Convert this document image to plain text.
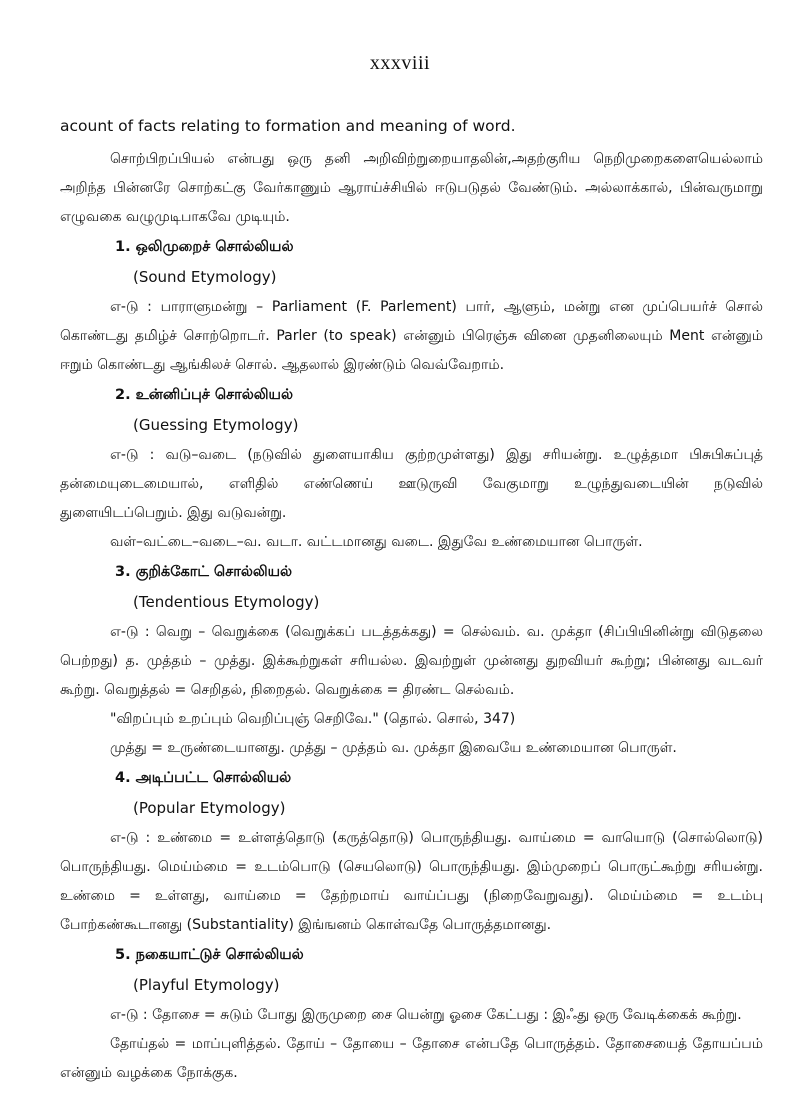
xxxviii

acount of facts relating to formation and meaning of word.

சொற்பிறப்பியல் என்பது ஒரு தனி அறிவிற்றுறையாதலின்,அதற்குரிய நெறிமுறைகளையெல்லாம் அறிந்த பின்னரே சொற்கட்கு வேர்காணும் ஆராய்ச்சியில் ஈடுபடுதல் வேண்டும். அல்லாக்கால், பின்வருமாறு எழுவகை வழுமுடிபாகவே முடியும்.

1. ஒலிமுறைச் சொல்லியல்

(Sound Etymology)

எ-டு : பாராளுமன்று – Parliament (F. Parlement) பார், ஆளும், மன்று என முப்பெயர்ச் சொல் கொண்டது தமிழ்ச் சொற்றொடர். Parler (to speak) என்னும் பிரெஞ்சு வினை முதனிலையும் Ment என்னும் ஈறும் கொண்டது ஆங்கிலச் சொல். ஆதலால் இரண்டும் வெவ்வேறாம்.

2. உன்னிப்புச் சொல்லியல்

(Guessing Etymology)

எ-டு : வடு–வடை (நடுவில் துளையாகிய குற்றமுள்ளது) இது சரியன்று. உழுத்தமா பிசுபிசுப்புத் தன்மையுடைமையால், எளிதில் எண்ணெய் ஊடுருவி வேகுமாறு உழுந்துவடையின் நடுவில் துளையிடப்பெறும். இது வடுவன்று.

வள்–வட்டை–வடை–வ. வடா. வட்டமானது வடை. இதுவே உண்மையான பொருள்.

3. குறிக்கோட் சொல்லியல்

(Tendentious Etymology)

எ-டு : வெறு – வெறுக்கை (வெறுக்கப் படத்தக்கது) = செல்வம். வ. முக்தா (சிப்பியினின்று விடுதலை பெற்றது) த. முத்தம் – முத்து. இக்கூற்றுகள் சரியல்ல. இவற்றுள் முன்னது துறவியர் கூற்று; பின்னது வடவர் கூற்று. வெறுத்தல் = செறிதல், நிறைதல். வெறுக்கை = திரண்ட செல்வம்.

"விறப்பும் உறப்பும் வெறிப்புஞ் செறிவே." (தொல். சொல், 347)

முத்து = உருண்டையானது. முத்து – முத்தம் வ. முக்தா இவையே உண்மையான பொருள்.

4. அடிப்பட்ட சொல்லியல்

(Popular Etymology)

எ-டு : உண்மை = உள்ளத்தொடு (கருத்தொடு) பொருந்தியது. வாய்மை = வாயொடு (சொல்லொடு) பொருந்தியது. மெய்ம்மை = உடம்பொடு (செயலொடு) பொருந்தியது. இம்முறைப் பொருட்கூற்று சரியன்று. உண்மை = உள்ளது, வாய்மை = தேற்றமாய் வாய்ப்பது (நிறைவேறுவது). மெய்ம்மை = உடம்பு போற்கண்கூடானது (Substantiality) இங்ஙனம் கொள்வதே பொருத்தமானது.

5. நகையாட்டுச் சொல்லியல்

(Playful Etymology)

எ-டு : தோசை = சுடும் போது இருமுறை சை யென்று ஓசை கேட்பது : இஃது ஒரு வேடிக்கைக் கூற்று.

தோய்தல் = மாப்புளித்தல். தோய் – தோயை – தோசை என்பதே பொருத்தம். தோசையைத் தோயப்பம் என்னும் வழக்கை நோக்குக.
